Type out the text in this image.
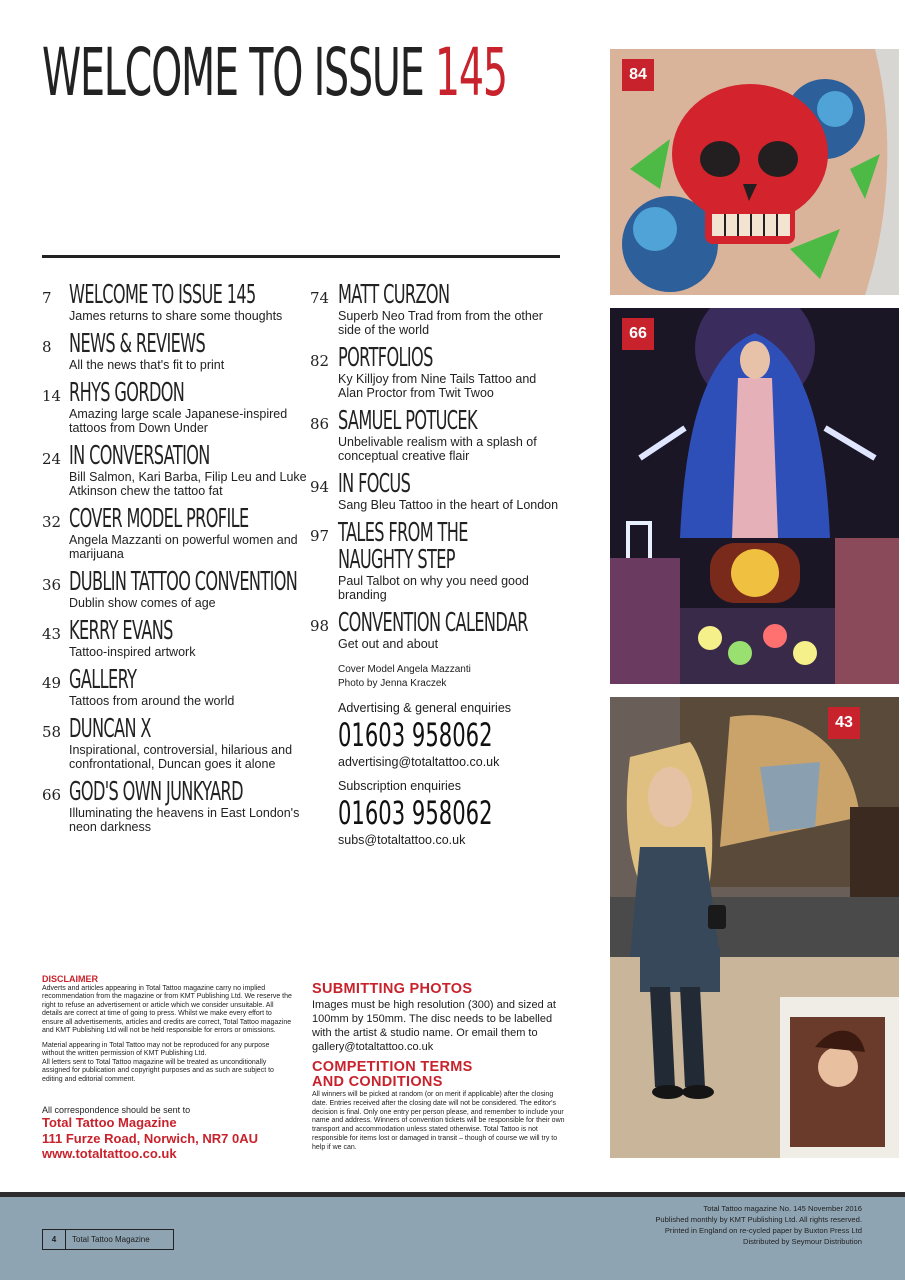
WELCOME TO ISSUE 145
7 WELCOME TO ISSUE 145
James returns to share some thoughts
8 NEWS & REVIEWS
All the news that's fit to print
14 RHYS GORDON
Amazing large scale Japanese-inspired tattoos from Down Under
24 IN CONVERSATION
Bill Salmon, Kari Barba, Filip Leu and Luke Atkinson chew the tattoo fat
32 COVER MODEL PROFILE
Angela Mazzanti on powerful women and marijuana
36 DUBLIN TATTOO CONVENTION
Dublin show comes of age
43 KERRY EVANS
Tattoo-inspired artwork
49 GALLERY
Tattoos from around the world
58 DUNCAN X
Inspirational, controversial, hilarious and confrontational, Duncan goes it alone
66 GOD'S OWN JUNKYARD
Illuminating the heavens in East London's neon darkness
74 MATT CURZON
Superb Neo Trad from from the other side of the world
82 PORTFOLIOS
Ky Killjoy from Nine Tails Tattoo and Alan Proctor from Twit Twoo
86 SAMUEL POTUCEK
Unbelivable realism with a splash of conceptual creative flair
94 IN FOCUS
Sang Bleu Tattoo in the heart of London
97 TALES FROM THE
NAUGHTY STEP
Paul Talbot on why you need good branding
98 CONVENTION CALENDAR
Get out and about
Cover Model Angela Mazzanti
Photo by Jenna Kraczek
Advertising & general enquiries
01603 958062
advertising@totaltattoo.co.uk
Subscription enquiries
01603 958062
subs@totaltattoo.co.uk
84
66
43
DISCLAIMER

Adverts and articles appearing in Total Tattoo magazine carry no implied recommendation from the magazine or from KMT Publishing Ltd. We reserve the right to refuse an advertisement or article which we consider unsuitable. All details are correct at time of going to press. Whilst we make every effort to ensure all advertisements, articles and credits are correct, Total Tattoo magazine and KMT Publishing Ltd will not be held responsible for errors or omissions.

Material appearing in Total Tattoo may not be reproduced for any purpose without the written permission of KMT Publishing Ltd.

All letters sent to Total Tattoo magazine will be treated as unconditionally assigned for publication and copyright purposes and as such are subject to editing and editorial comment.

All correspondence should be sent to
Total Tattoo Magazine
111 Furze Road, Norwich, NR7 0AU
www.totaltattoo.co.uk
SUBMITTING PHOTOS
Images must be high resolution (300) and sized at 100mm by 150mm. The disc needs to be labelled with the artist & studio name. Or email them to gallery@totaltattoo.co.uk
COMPETITION TERMS
AND CONDITIONS
All winners will be picked at random (or on merit if applicable) after the closing date. Entries received after the closing date will not be considered. The editor's decision is final. Only one entry per person please, and remember to include your name and address. Winners of convention tickets will be responsible for their own transport and accommodation unless stated otherwise. Total Tattoo is not responsible for items lost or damaged in transit – though of course we will try to help if we can.
4 Total Tattoo Magazine
Total Tattoo magazine No. 145 November 2016
Published monthly by KMT Publishing Ltd. All rights reserved.
Printed in England on re-cycled paper by Buxton Press Ltd
Distributed by Seymour Distribution
